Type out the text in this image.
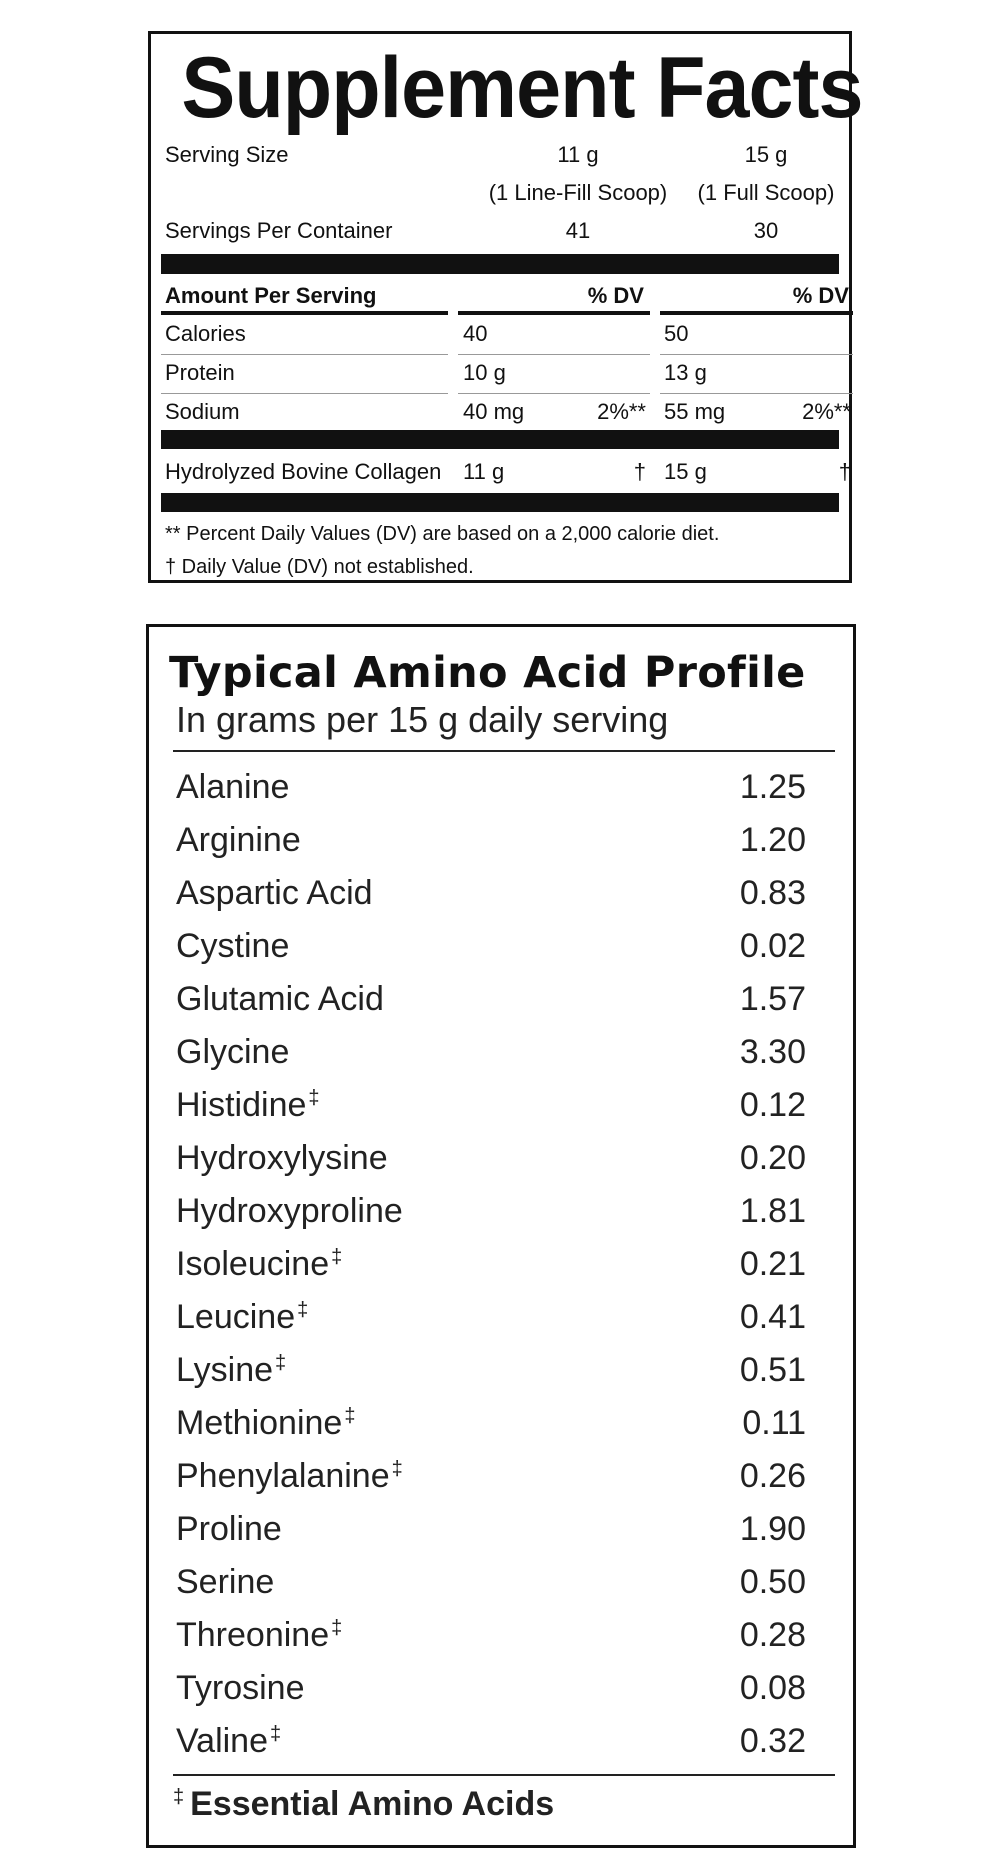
Supplement Facts
Serving Size	11 g	15 g
(1 Line-Fill Scoop)	(1 Full Scoop)
Servings Per Container	41	30
Amount Per Serving	% DV	% DV
Calories	40	50
Protein	10 g	13 g
Sodium	40 mg	2%** 55 mg	2%**
Hydrolyzed Bovine Collagen 11 g	† 15 g	†
** Percent Daily Values (DV) are based on a 2,000 calorie diet.
† Daily Value (DV) not established.
Typical Amino Acid Profile
In grams per 15 g daily serving
Alanine	1.25
Arginine	1.20
Aspartic Acid	0.83
Cystine	0.02
Glutamic Acid	1.57
Glycine	3.30
Histidine ‡	0.12
Hydroxylysine	0.20
Hydroxyproline	1.81
Isoleucine ‡	0.21
Leucine ‡	0.41
Lysine ‡	0.51
Methionine ‡	0.11
Phenylalanine ‡	0.26
Proline	1.90
Serine	0.50
Threonine ‡	0.28
Tyrosine	0.08
Valine ‡	0.32
‡ Essential Amino Acids
